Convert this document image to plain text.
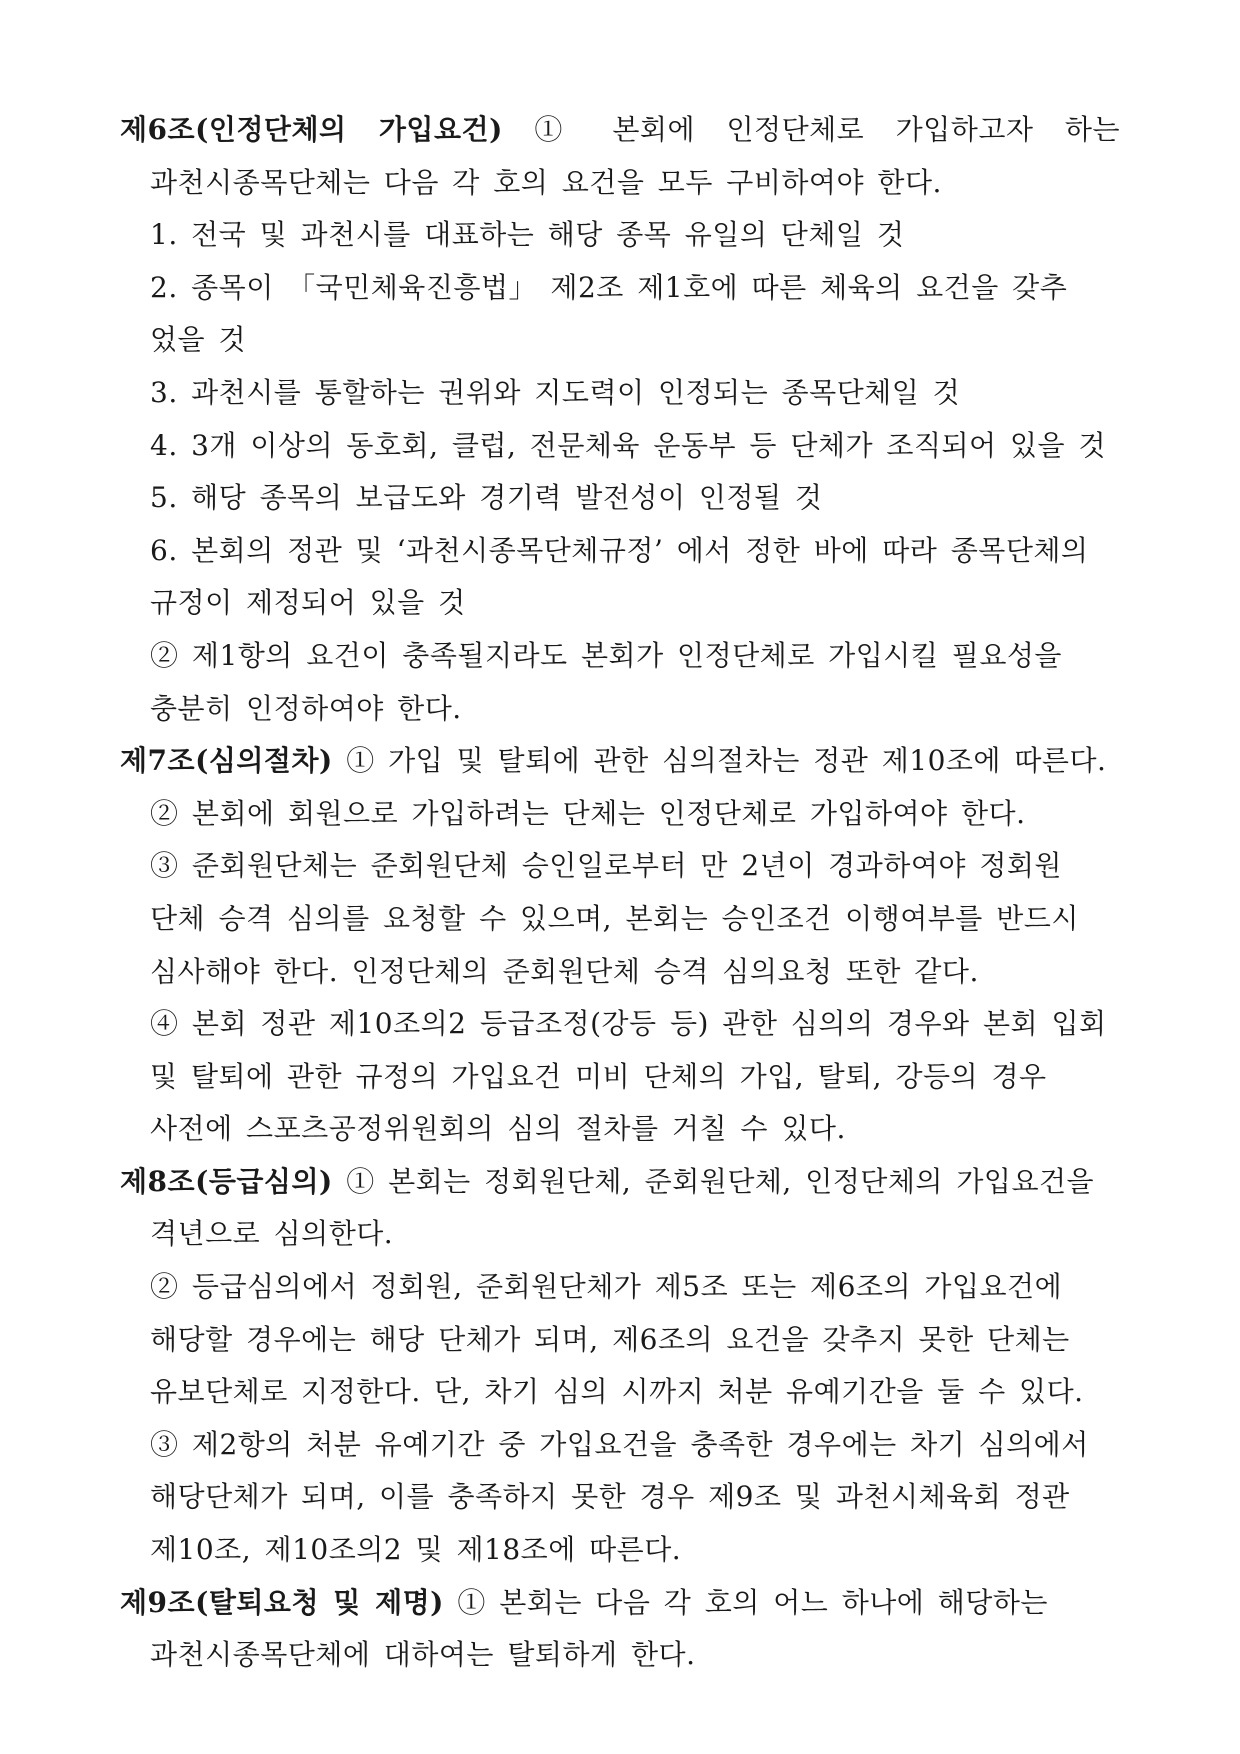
제6조(인정단체의 가입요건) ① 본회에 인정단체로 가입하고자 하는
과천시종목단체는 다음 각 호의 요건을 모두 구비하여야 한다.
1. 전국 및 과천시를 대표하는 해당 종목 유일의 단체일 것
2. 종목이 「국민체육진흥법」 제2조 제1호에 따른 체육의 요건을 갖추
었을 것
3. 과천시를 통할하는 권위와 지도력이 인정되는 종목단체일 것
4. 3개 이상의 동호회, 클럽, 전문체육 운동부 등 단체가 조직되어 있을 것
5. 해당 종목의 보급도와 경기력 발전성이 인정될 것
6. 본회의 정관 및 ‘과천시종목단체규정’ 에서 정한 바에 따라 종목단체의
규정이 제정되어 있을 것
② 제1항의 요건이 충족될지라도 본회가 인정단체로 가입시킬 필요성을
충분히 인정하여야 한다.
제7조(심의절차) ① 가입 및 탈퇴에 관한 심의절차는 정관 제10조에 따른다.
② 본회에 회원으로 가입하려는 단체는 인정단체로 가입하여야 한다.
③ 준회원단체는 준회원단체 승인일로부터 만 2년이 경과하여야 정회원
단체 승격 심의를 요청할 수 있으며, 본회는 승인조건 이행여부를 반드시
심사해야 한다. 인정단체의 준회원단체 승격 심의요청 또한 같다.
④ 본회 정관 제10조의2 등급조정(강등 등) 관한 심의의 경우와 본회 입회
및 탈퇴에 관한 규정의 가입요건 미비 단체의 가입, 탈퇴, 강등의 경우
사전에 스포츠공정위원회의 심의 절차를 거칠 수 있다.
제8조(등급심의) ① 본회는 정회원단체, 준회원단체, 인정단체의 가입요건을
격년으로 심의한다.
② 등급심의에서 정회원, 준회원단체가 제5조 또는 제6조의 가입요건에
해당할 경우에는 해당 단체가 되며, 제6조의 요건을 갖추지 못한 단체는
유보단체로 지정한다. 단, 차기 심의 시까지 처분 유예기간을 둘 수 있다.
③ 제2항의 처분 유예기간 중 가입요건을 충족한 경우에는 차기 심의에서
해당단체가 되며, 이를 충족하지 못한 경우 제9조 및 과천시체육회 정관
제10조, 제10조의2 및 제18조에 따른다.
제9조(탈퇴요청 및 제명) ① 본회는 다음 각 호의 어느 하나에 해당하는
과천시종목단체에 대하여는 탈퇴하게 한다.
